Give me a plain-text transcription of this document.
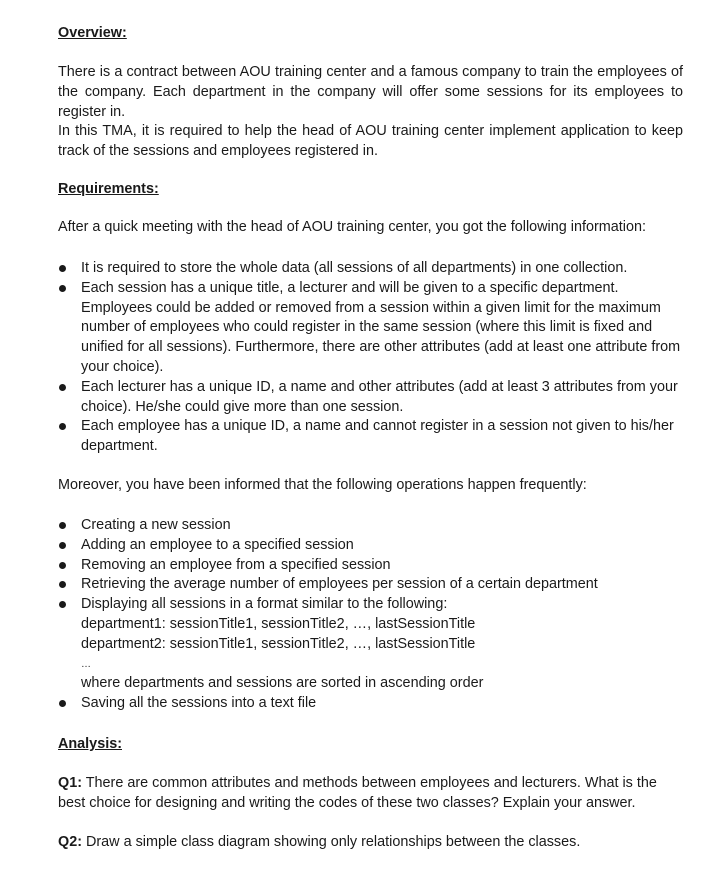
Overview:

There is a contract between AOU training center and a famous company to train the employees of the company. Each department in the company will offer some sessions for its employees to register in.

In this TMA, it is required to help the head of AOU training center implement application to keep track of the sessions and employees registered in.

Requirements:
After a quick meeting with the head of AOU training center, you got the following information:
It is required to store the whole data (all sessions of all departments) in one collection.
Each session has a unique title, a lecturer and will be given to a specific department. Employees could be added or removed from a session within a given limit for the maximum number of employees who could register in the same session (where this limit is fixed and unified for all sessions). Furthermore, there are other attributes (add at least one attribute from your choice).
Each lecturer has a unique ID, a name and other attributes (add at least 3 attributes from your choice). He/she could give more than one session.
Each employee has a unique ID, a name and cannot register in a session not given to his/her department.
Moreover, you have been informed that the following operations happen frequently:
Creating a new session
Adding an employee to a specified session
Removing an employee from a specified session
Retrieving the average number of employees per session of a certain department
Displaying all sessions in a format similar to the following:
department1: sessionTitle1, sessionTitle2, …, lastSessionTitle
department2: sessionTitle1, sessionTitle2, …, lastSessionTitle
…
where departments and sessions are sorted in ascending order
Saving all the sessions into a text file
Analysis:
Q1: There are common attributes and methods between employees and lecturers. What is the best choice for designing and writing the codes of these two classes? Explain your answer.
Q2: Draw a simple class diagram showing only relationships between the classes.
